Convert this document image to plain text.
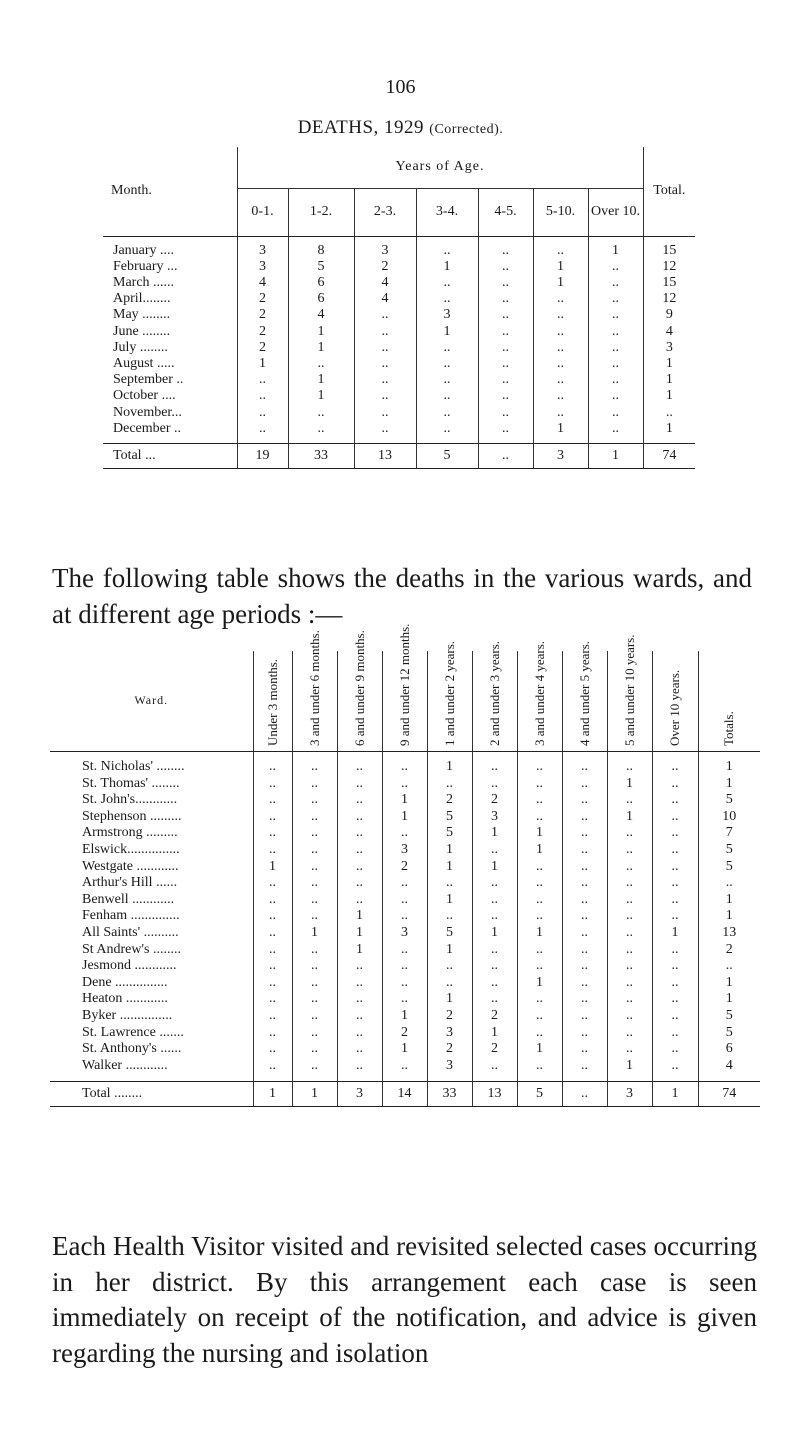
106
DEATHS, 1929 (Corrected).
Month.	Years of Age.							Total.
	0-1.	1-2.	2-3.	3-4.	4-5.	5-10.	Over 10.	

January ....	3	8	3	..	..	..	1	15
February ...	3	5	2	1	..	1	..	12
March ......	4	6	4	..	..	1	..	15
April........	2	6	4	..	..	..	..	12
May ........	2	4	..	3	..	..	..	9
June ........	2	1	..	1	..	..	..	4
July ........	2	1	..	..	..	..	..	3
August .....	1	..	..	..	..	..	..	1
September ..	..	1	..	..	..	..	..	1
October ....	..	1	..	..	..	..	..	1
November...	..	..	..	..	..	..	..	..
December ..	..	..	..	..	..	1	..	1

Total ...	19	33	13	5	..	3	1	74
The following table shows the deaths in the various wards, and at different age periods :—
Ward.	Under 3 months.	3 and under 6 months.	6 and under 9 months.	9 and under 12 months.	1 and under 2 years.	2 and under 3 years.	3 and under 4 years.	4 and under 5 years.	5 and under 10 years.	Over 10 years.	Totals.

St. Nicholas' ........	..	..	..	..	1	..	..	..	..	..	1
St. Thomas' ........	..	..	..	..	..	..	..	..	1	..	1
St. John's............	..	..	..	1	2	2	..	..	..	..	5
Stephenson .........	..	..	..	1	5	3	..	..	1	..	10
Armstrong .........	..	..	..	..	5	1	1	..	..	..	7
Elswick...............	..	..	..	3	1	..	1	..	..	..	5
Westgate ............	1	..	..	2	1	1	..	..	..	..	5
Arthur's Hill ......	..	..	..	..	..	..	..	..	..	..	..
Benwell ............	..	..	..	..	1	..	..	..	..	..	1
Fenham ..............	..	..	1	..	..	..	..	..	..	..	1
All Saints' ..........	..	1	1	3	5	1	1	..	..	1	13
St Andrew's ........	..	..	1	..	1	..	..	..	..	..	2
Jesmond ............	..	..	..	..	..	..	..	..	..	..	..
Dene ...............	..	..	..	..	..	..	1	..	..	..	1
Heaton ............	..	..	..	..	1	..	..	..	..	..	1
Byker ...............	..	..	..	1	2	2	..	..	..	..	5
St. Lawrence .......	..	..	..	2	3	1	..	..	..	..	5
St. Anthony's ......	..	..	..	1	2	2	1	..	..	..	6
Walker ............	..	..	..	..	3	..	..	..	1	..	4

Total ........	1	1	3	14	33	13	5	..	3	1	74
Each Health Visitor visited and revisited selected cases occurring in her district. By this arrangement each case is seen immediately on receipt of the notification, and advice is given regarding the nursing and isolation
